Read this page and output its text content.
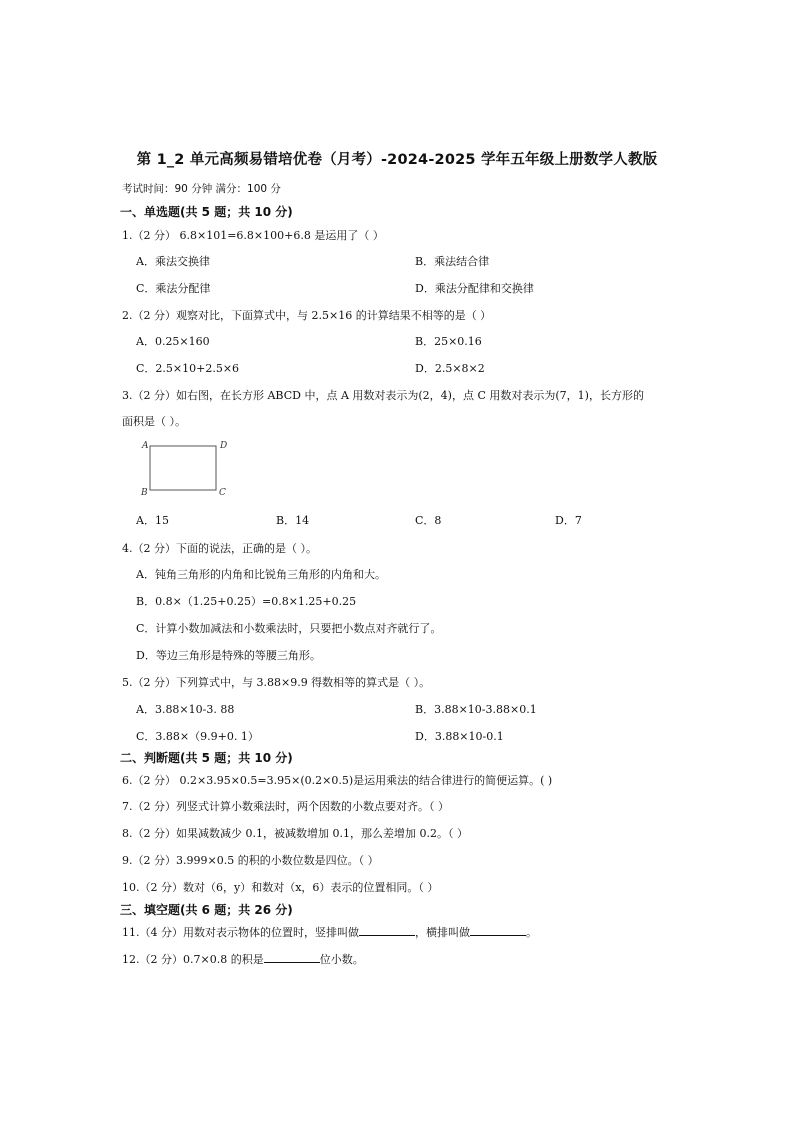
第 1_2 单元高频易错培优卷（月考）-2024-2025 学年五年级上册数学人教版
考试时间：90 分钟 满分：100 分
一、单选题(共 5 题；共 10 分)
1.（2 分） 6.8×101=6.8×100+6.8 是运用了（ ）
A．乘法交换律	B．乘法结合律
C．乘法分配律	D．乘法分配律和交换律
2.（2 分）观察对比，下面算式中，与 2.5×16 的计算结果不相等的是（ ）
A．0.25×160	B．25×0.16
C．2.5×10+2.5×6	D．2.5×8×2
3.（2 分）如右图，在长方形 ABCD 中，点 A 用数对表示为(2，4)，点 C 用数对表示为(7，1)，长方形的
面积是（ ）。
A	D
B	C
A．15	B．14	C．8	D．7
4.（2 分）下面的说法，正确的是（ ）。
A．钝角三角形的内角和比锐角三角形的内角和大。
B．0.8×（1.25+0.25）=0.8×1.25+0.25
C．计算小数加减法和小数乘法时，只要把小数点对齐就行了。
D．等边三角形是特殊的等腰三角形。
5.（2 分）下列算式中，与 3.88×9.9 得数相等的算式是（ ）。
A．3.88×10-3. 88	B．3.88×10-3.88×0.1
C．3.88×（9.9+0. 1）	D．3.88×10-0.1
二、判断题(共 5 题；共 10 分)
6.（2 分） 0.2×3.95×0.5=3.95×(0.2×0.5)是运用乘法的结合律进行的简便运算。( )
7.（2 分）列竖式计算小数乘法时，两个因数的小数点要对齐。（ ）
8.（2 分）如果减数减少 0.1，被减数增加 0.1，那么差增加 0.2。（ ）
9.（2 分）3.999×0.5 的积的小数位数是四位。（ ）
10.（2 分）数对（6，y）和数对（x，6）表示的位置相同。（ ）
三、填空题(共 6 题；共 26 分)
11.（4 分）用数对表示物体的位置时，竖排叫做	，横排叫做	。
12.（2 分）0.7×0.8 的积是	位小数。
